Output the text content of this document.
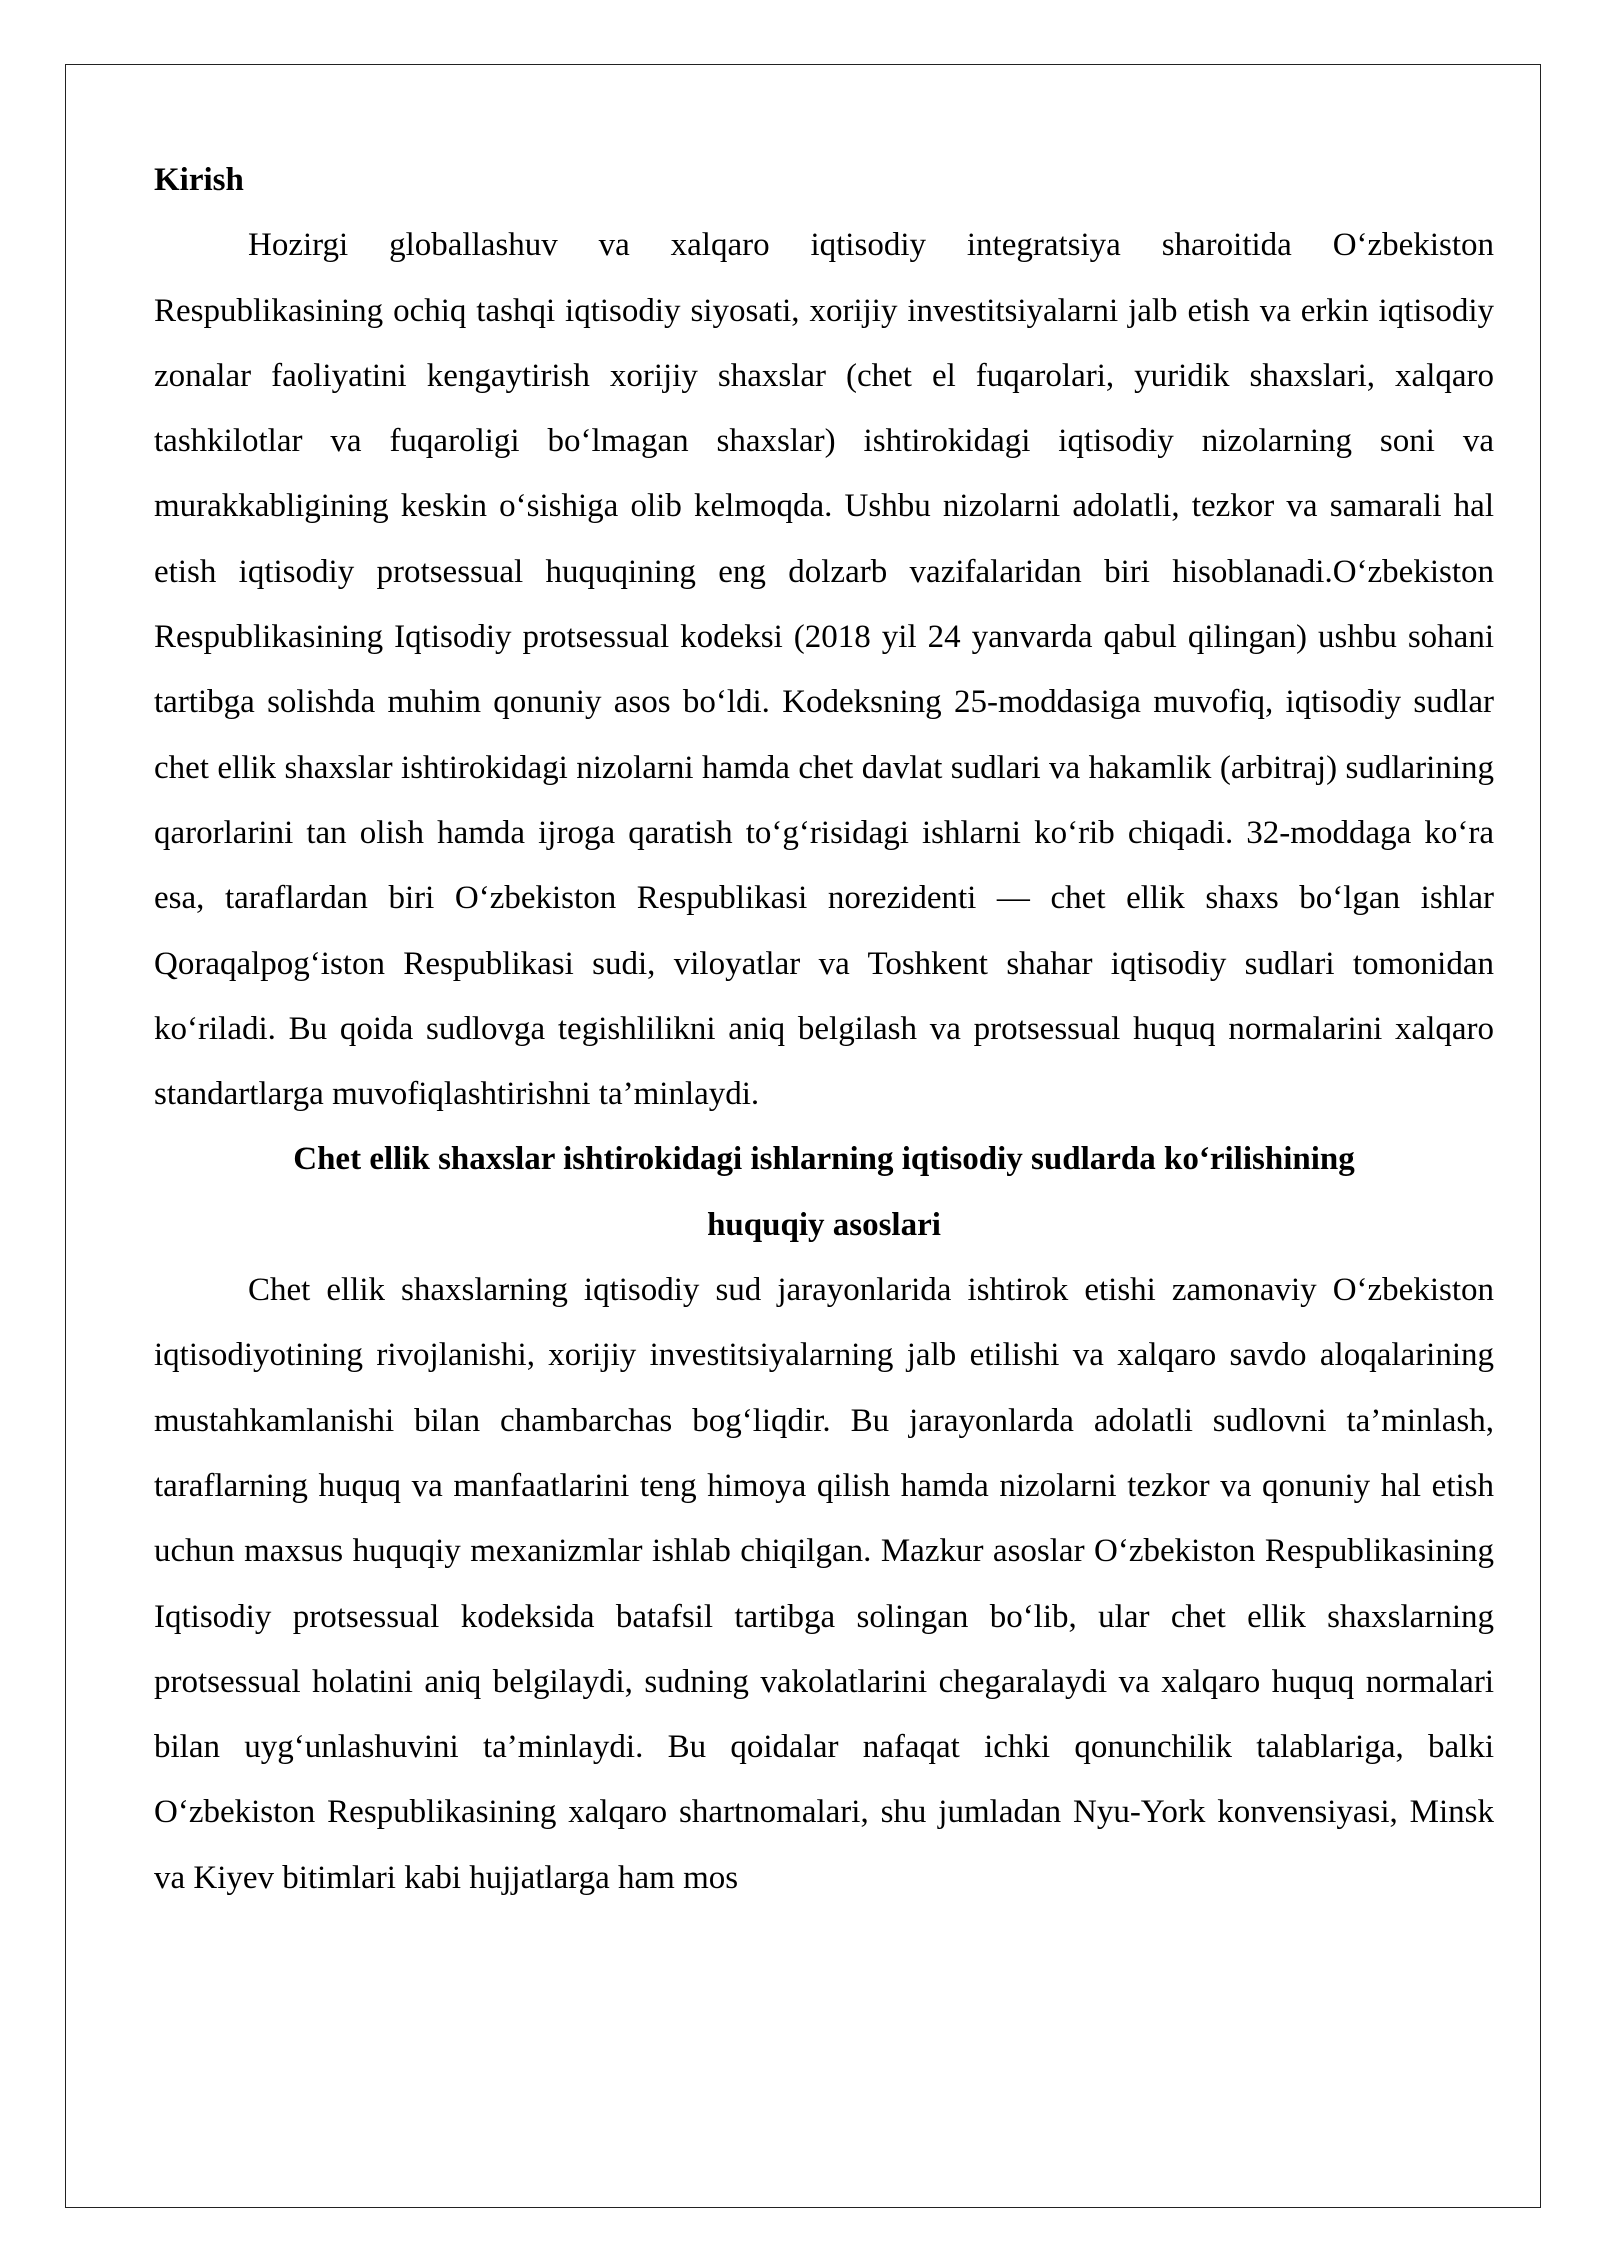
Kirish

Hozirgi globallashuv va xalqaro iqtisodiy integratsiya sharoitida O‘zbekiston Respublikasining ochiq tashqi iqtisodiy siyosati, xorijiy investitsiyalarni jalb etish va erkin iqtisodiy zonalar faoliyatini kengaytirish xorijiy shaxslar (chet el fuqarolari, yuridik shaxslari, xalqaro tashkilotlar va fuqaroligi bo‘lmagan shaxslar) ishtirokidagi iqtisodiy nizolarning soni va murakkabligining keskin o‘sishiga olib kelmoqda. Ushbu nizolarni adolatli, tezkor va samarali hal etish iqtisodiy protsessual huquqining eng dolzarb vazifalaridan biri hisoblanadi.O‘zbekiston Respublikasining Iqtisodiy protsessual kodeksi (2018 yil 24 yanvarda qabul qilingan) ushbu sohani tartibga solishda muhim qonuniy asos bo‘ldi. Kodeksning 25-moddasiga muvofiq, iqtisodiy sudlar chet ellik shaxslar ishtirokidagi nizolarni hamda chet davlat sudlari va hakamlik (arbitraj) sudlarining qarorlarini tan olish hamda ijroga qaratish to‘g‘risidagi ishlarni ko‘rib chiqadi. 32-moddaga ko‘ra esa, taraflardan biri O‘zbekiston Respublikasi norezidenti — chet ellik shaxs bo‘lgan ishlar Qoraqalpog‘iston Respublikasi sudi, viloyatlar va Toshkent shahar iqtisodiy sudlari tomonidan ko‘riladi. Bu qoida sudlovga tegishlilikni aniq belgilash va protsessual huquq normalarini xalqaro standartlarga muvofiqlashtirishni ta’minlaydi.

Chet ellik shaxslar ishtirokidagi ishlarning iqtisodiy sudlarda ko‘rilishining huquqiy asoslari

Chet ellik shaxslarning iqtisodiy sud jarayonlarida ishtirok etishi zamonaviy O‘zbekiston iqtisodiyotining rivojlanishi, xorijiy investitsiyalarning jalb etilishi va xalqaro savdo aloqalarining mustahkamlanishi bilan chambarchas bog‘liqdir. Bu jarayonlarda adolatli sudlovni ta’minlash, taraflarning huquq va manfaatlarini teng himoya qilish hamda nizolarni tezkor va qonuniy hal etish uchun maxsus huquqiy mexanizmlar ishlab chiqilgan. Mazkur asoslar O‘zbekiston Respublikasining Iqtisodiy protsessual kodeksida batafsil tartibga solingan bo‘lib, ular chet ellik shaxslarning protsessual holatini aniq belgilaydi, sudning vakolatlarini chegaralaydi va xalqaro huquq normalari bilan uyg‘unlashuvini ta’minlaydi. Bu qoidalar nafaqat ichki qonunchilik talablariga, balki O‘zbekiston Respublikasining xalqaro shartnomalari, shu jumladan Nyu-York konvensiyasi, Minsk va Kiyev bitimlari kabi hujjatlarga ham mos
